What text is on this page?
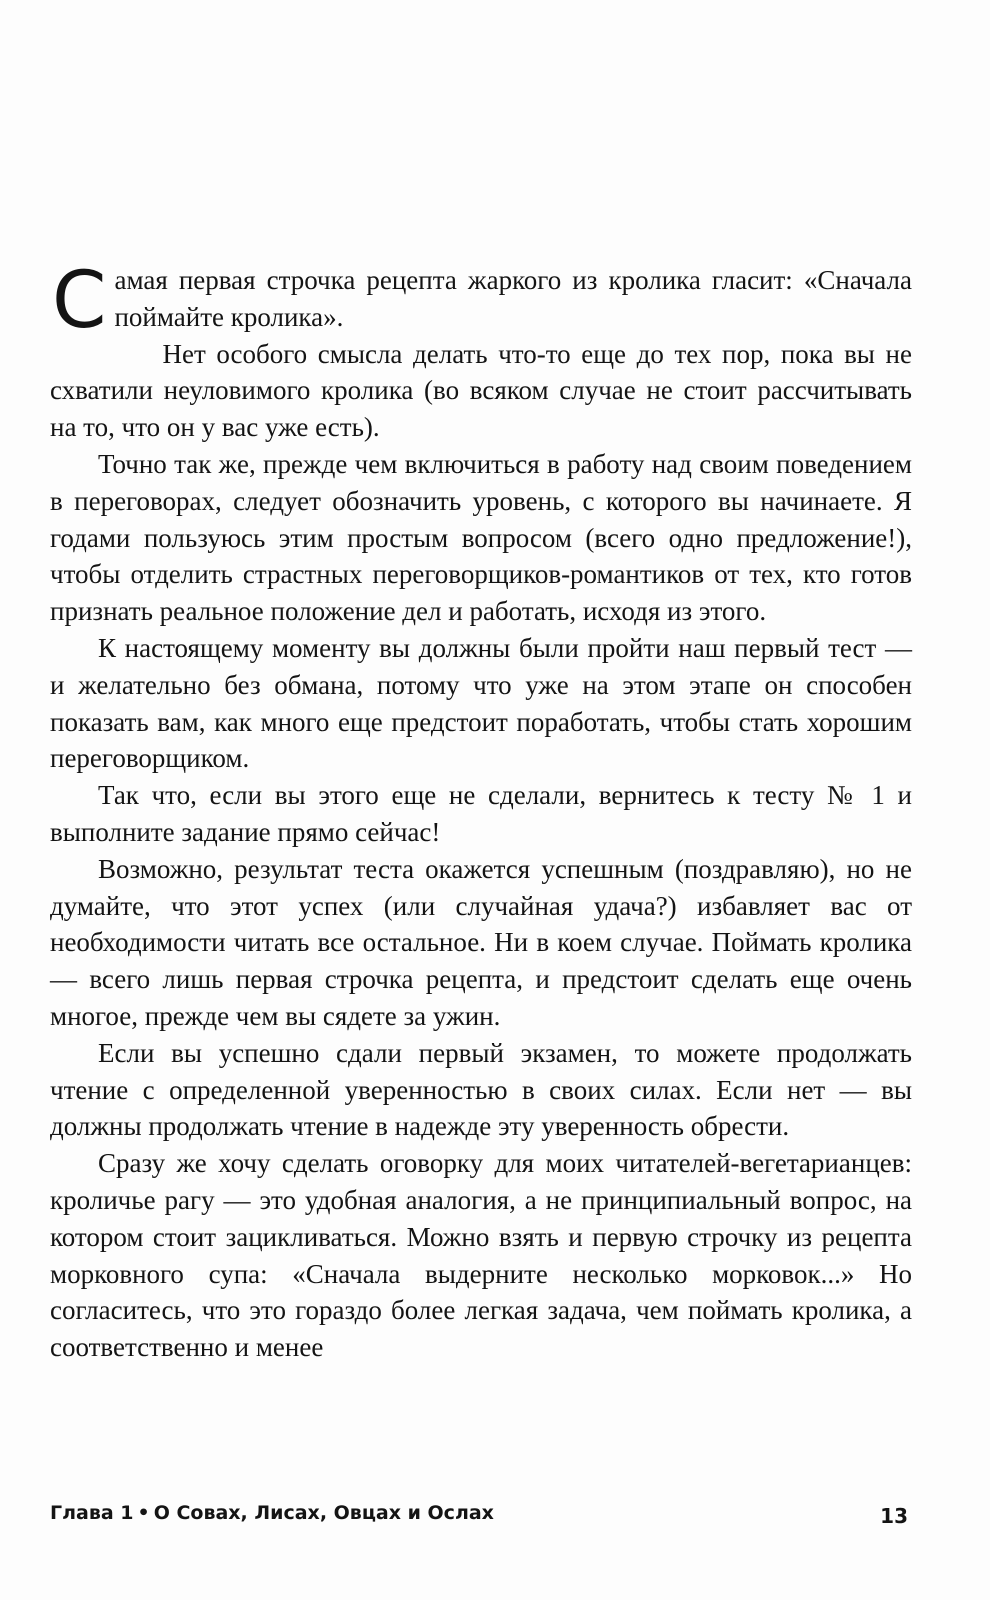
Самая первая строчка рецепта жаркого из кролика гласит: «Сначала поймайте кролика».

Нет особого смысла делать что-то еще до тех пор, пока вы не схватили неуловимого кролика (во всяком случае не стоит рассчитывать на то, что он у вас уже есть).

Точно так же, прежде чем включиться в работу над своим поведением в переговорах, следует обозначить уровень, с которого вы начинаете. Я годами пользуюсь этим простым вопросом (всего одно предложение!), чтобы отделить страстных переговорщиков-романтиков от тех, кто готов признать реальное положение дел и работать, исходя из этого.

К настоящему моменту вы должны были пройти наш первый тест — и желательно без обмана, потому что уже на этом этапе он способен показать вам, как много еще предстоит поработать, чтобы стать хорошим переговорщиком.

Так что, если вы этого еще не сделали, вернитесь к тесту № 1 и выполните задание прямо сейчас!

Возможно, результат теста окажется успешным (поздравляю), но не думайте, что этот успех (или случайная удача?) избавляет вас от необходимости читать все остальное. Ни в коем случае. Поймать кролика — всего лишь первая строчка рецепта, и предстоит сделать еще очень многое, прежде чем вы сядете за ужин.

Если вы успешно сдали первый экзамен, то можете продолжать чтение с определенной уверенностью в своих силах. Если нет — вы должны продолжать чтение в надежде эту уверенность обрести.

Сразу же хочу сделать оговорку для моих читателей-вегетарианцев: кроличье рагу — это удобная аналогия, а не принципиальный вопрос, на котором стоит зацикливаться. Можно взять и первую строчку из рецепта морковного супа: «Сначала выдерните несколько морковок...» Но согласитесь, что это гораздо более легкая задача, чем поймать кролика, а соответственно и менее

Глава 1 • О Совах, Лисах, Овцах и Ослах	13
